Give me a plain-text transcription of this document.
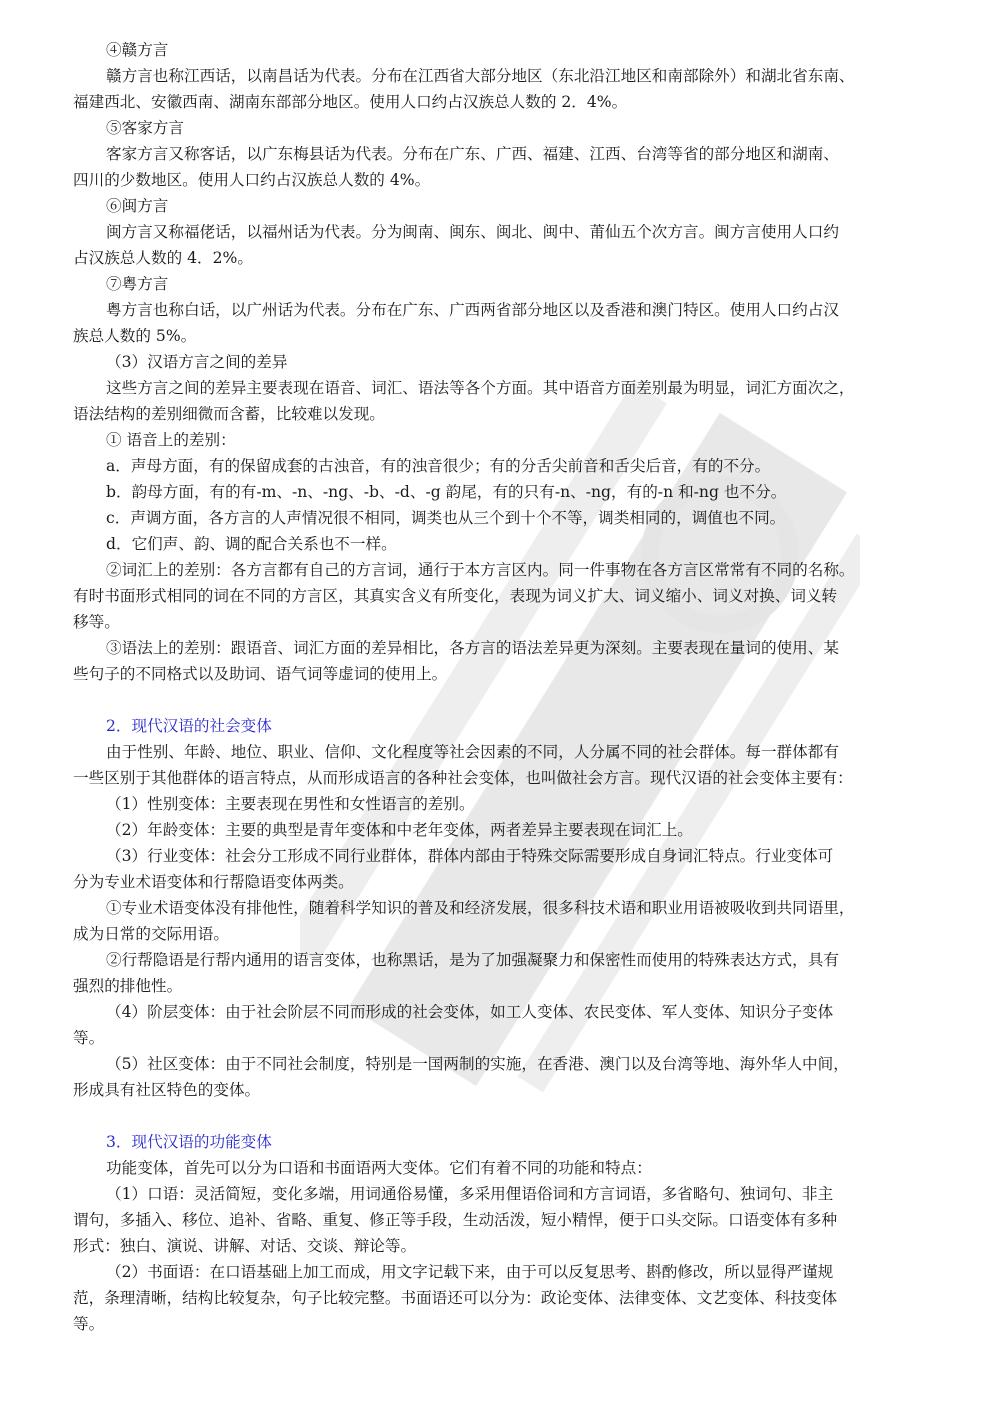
④赣方言
赣方言也称江西话，以南昌话为代表。分布在江西省大部分地区（东北沿江地区和南部除外）和湖北省东南、
福建西北、安徽西南、湖南东部部分地区。使用人口约占汉族总人数的 2．4%。
⑤客家方言
客家方言又称客话，以广东梅县话为代表。分布在广东、广西、福建、江西、台湾等省的部分地区和湖南、
四川的少数地区。使用人口约占汉族总人数的 4%。
⑥闽方言
闽方言又称福佬话，以福州话为代表。分为闽南、闽东、闽北、闽中、莆仙五个次方言。闽方言使用人口约
占汉族总人数的 4．2%。
⑦粤方言
粤方言也称白话，以广州话为代表。分布在广东、广西两省部分地区以及香港和澳门特区。使用人口约占汉
族总人数的 5%。
（3）汉语方言之间的差异
这些方言之间的差异主要表现在语音、词汇、语法等各个方面。其中语音方面差别最为明显，词汇方面次之，
语法结构的差别细微而含蓄，比较难以发现。
① 语音上的差别：
a．声母方面，有的保留成套的古浊音，有的浊音很少；有的分舌尖前音和舌尖后音，有的不分。
b．韵母方面，有的有-m、-n、-ng、-b、-d、-g 韵尾，有的只有-n、-ng，有的-n 和-ng 也不分。
c．声调方面，各方言的人声情况很不相同，调类也从三个到十个不等，调类相同的，调值也不同。
d．它们声、韵、调的配合关系也不一样。
②词汇上的差别：各方言都有自己的方言词，通行于本方言区内。同一件事物在各方言区常常有不同的名称。
有时书面形式相同的词在不同的方言区，其真实含义有所变化，表现为词义扩大、词义缩小、词义对换、词义转
移等。
③语法上的差别：跟语音、词汇方面的差异相比，各方言的语法差异更为深刻。主要表现在量词的使用、某
些句子的不同格式以及助词、语气词等虚词的使用上。
2．现代汉语的社会变体
由于性别、年龄、地位、职业、信仰、文化程度等社会因素的不同，人分属不同的社会群体。每一群体都有
一些区别于其他群体的语言特点，从而形成语言的各种社会变体，也叫做社会方言。现代汉语的社会变体主要有：
（1）性别变体：主要表现在男性和女性语言的差别。
（2）年龄变体：主要的典型是青年变体和中老年变体，两者差异主要表现在词汇上。
（3）行业变体：社会分工形成不同行业群体，群体内部由于特殊交际需要形成自身词汇特点。行业变体可
分为专业术语变体和行帮隐语变体两类。
①专业术语变体没有排他性，随着科学知识的普及和经济发展，很多科技术语和职业用语被吸收到共同语里，
成为日常的交际用语。
②行帮隐语是行帮内通用的语言变体，也称黑话，是为了加强凝聚力和保密性而使用的特殊表达方式，具有
强烈的排他性。
（4）阶层变体：由于社会阶层不同而形成的社会变体，如工人变体、农民变体、军人变体、知识分子变体
等。
（5）社区变体：由于不同社会制度，特别是一国两制的实施，在香港、澳门以及台湾等地、海外华人中间，
形成具有社区特色的变体。
3．现代汉语的功能变体
功能变体，首先可以分为口语和书面语两大变体。它们有着不同的功能和特点：
（1）口语：灵活简短，变化多端，用词通俗易懂，多采用俚语俗词和方言词语，多省略句、独词句、非主
谓句，多插入、移位、追补、省略、重复、修正等手段，生动活泼，短小精悍，便于口头交际。口语变体有多种
形式：独白、演说、讲解、对话、交谈、辩论等。
（2）书面语：在口语基础上加工而成，用文字记载下来，由于可以反复思考、斟酌修改，所以显得严谨规
范，条理清晰，结构比较复杂，句子比较完整。书面语还可以分为：政论变体、法律变体、文艺变体、科技变体
等。
